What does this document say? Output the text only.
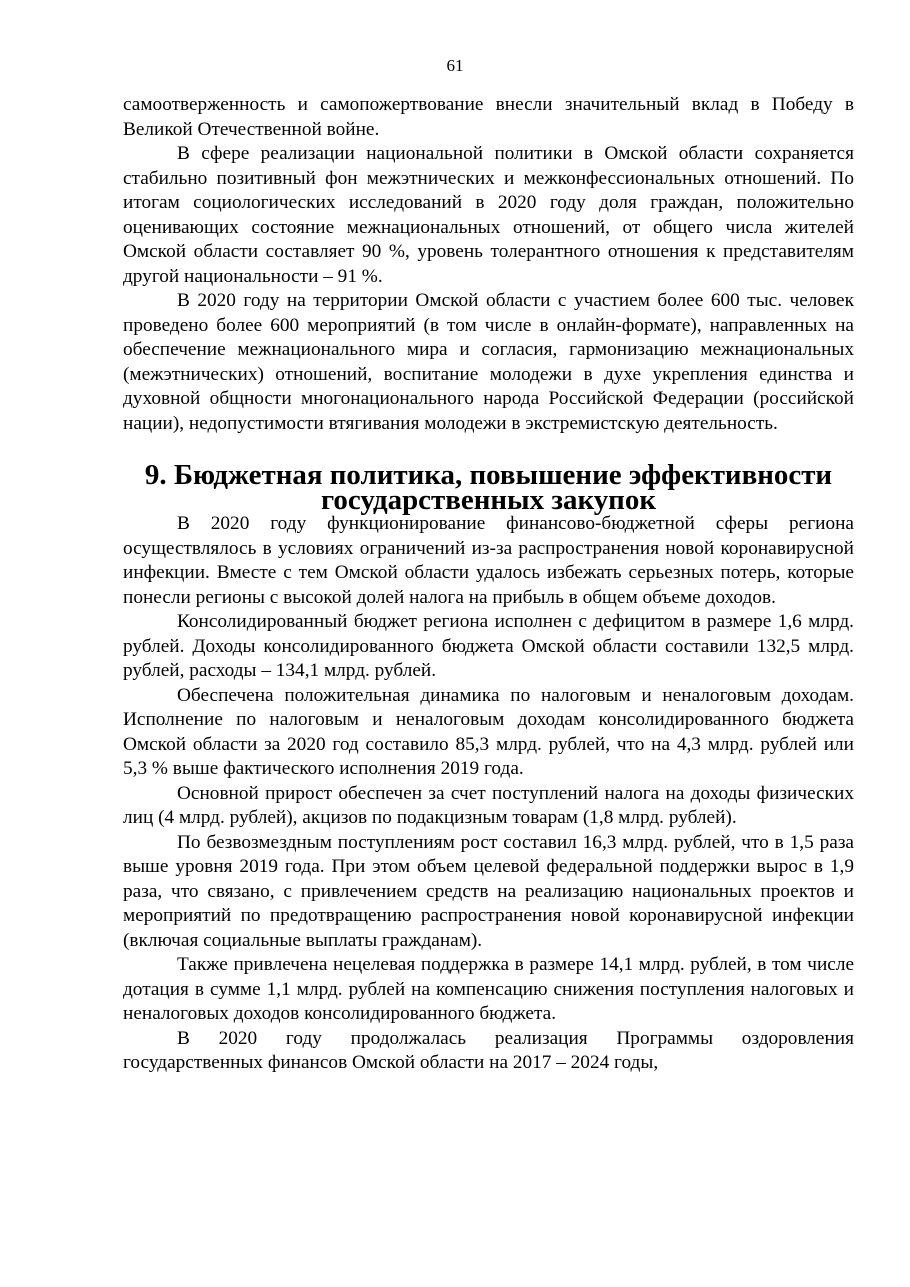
61

самоотверженность и самопожертвование внесли значительный вклад в Победу в Великой Отечественной войне.

В сфере реализации национальной политики в Омской области сохраняется стабильно позитивный фон межэтнических и межконфессиональных отношений. По итогам социологических исследований в 2020 году доля граждан, положительно оценивающих состояние межнациональных отношений, от общего числа жителей Омской области составляет 90 %, уровень толерантного отношения к представителям другой национальности – 91 %.

В 2020 году на территории Омской области с участием более 600 тыс. человек проведено более 600 мероприятий (в том числе в онлайн-формате), направленных на обеспечение межнационального мира и согласия, гармонизацию межнациональных (межэтнических) отношений, воспитание молодежи в духе укрепления единства и духовной общности многонационального народа Российской Федерации (российской нации), недопустимости втягивания молодежи в экстремистскую деятельность.

9. Бюджетная политика, повышение эффективности государственных закупок

В 2020 году функционирование финансово-бюджетной сферы региона осуществлялось в условиях ограничений из-за распространения новой коронавирусной инфекции. Вместе с тем Омской области удалось избежать серьезных потерь, которые понесли регионы с высокой долей налога на прибыль в общем объеме доходов.

Консолидированный бюджет региона исполнен с дефицитом в размере 1,6 млрд. рублей. Доходы консолидированного бюджета Омской области составили 132,5 млрд. рублей, расходы – 134,1 млрд. рублей.

Обеспечена положительная динамика по налоговым и неналоговым доходам. Исполнение по налоговым и неналоговым доходам консолидированного бюджета Омской области за 2020 год составило 85,3 млрд. рублей, что на 4,3 млрд. рублей или 5,3 % выше фактического исполнения 2019 года.

Основной прирост обеспечен за счет поступлений налога на доходы физических лиц (4 млрд. рублей), акцизов по подакцизным товарам (1,8 млрд. рублей).

По безвозмездным поступлениям рост составил 16,3 млрд. рублей, что в 1,5 раза выше уровня 2019 года. При этом объем целевой федеральной поддержки вырос в 1,9 раза, что связано, с привлечением средств на реализацию национальных проектов и мероприятий по предотвращению распространения новой коронавирусной инфекции (включая социальные выплаты гражданам).

Также привлечена нецелевая поддержка в размере 14,1 млрд. рублей, в том числе дотация в сумме 1,1 млрд. рублей на компенсацию снижения поступления налоговых и неналоговых доходов консолидированного бюджета.

В 2020 году продолжалась реализация Программы оздоровления государственных финансов Омской области на 2017 – 2024 годы,
